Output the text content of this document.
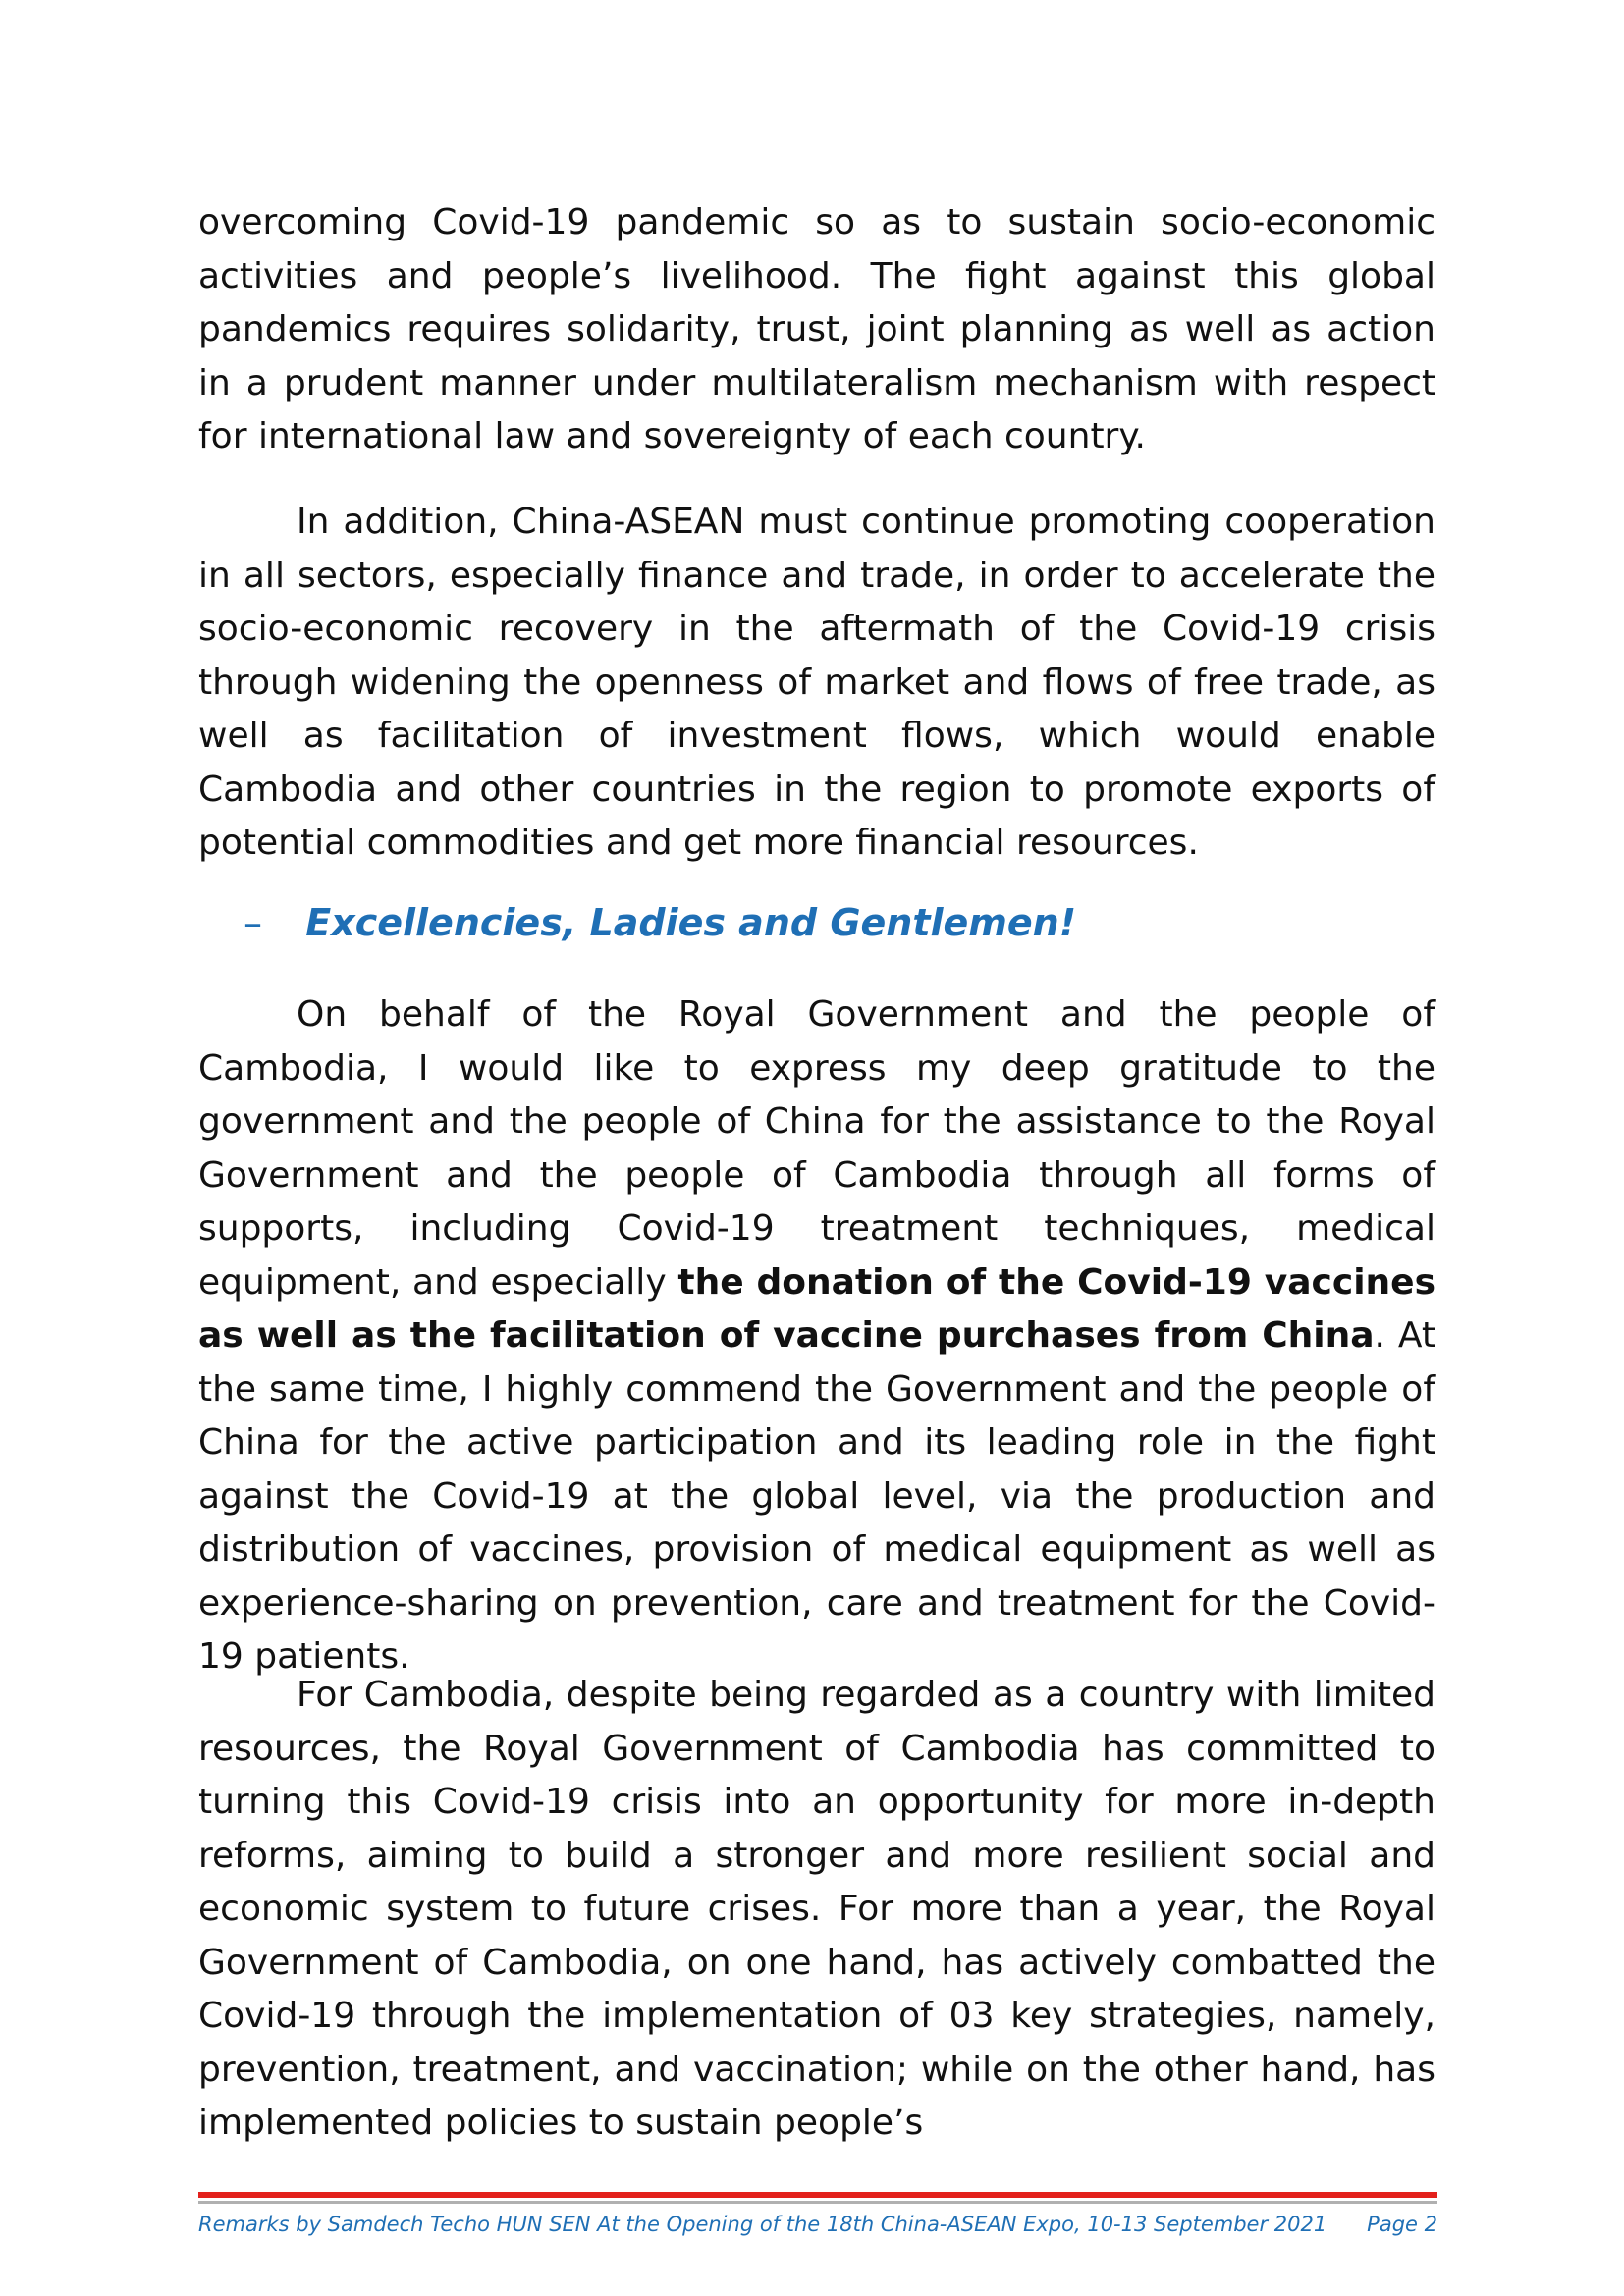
overcoming Covid-19 pandemic so as to sustain socio-economic activities and people’s livelihood. The fight against this global pandemics requires solidarity, trust, joint planning as well as action in a prudent manner under multilateralism mechanism with respect for international law and sovereignty of each country.

In addition, China-ASEAN must continue promoting cooperation in all sectors, especially finance and trade, in order to accelerate the socio-economic recovery in the aftermath of the Covid-19 crisis through widening the openness of market and flows of free trade, as well as facilitation of investment flows, which would enable Cambodia and other countries in the region to promote exports of potential commodities and get more financial resources.

– Excellencies, Ladies and Gentlemen!

On behalf of the Royal Government and the people of Cambodia, I would like to express my deep gratitude to the government and the people of China for the assistance to the Royal Government and the people of Cambodia through all forms of supports, including Covid-19 treatment techniques, medical equipment, and especially the donation of the Covid-19 vaccines as well as the facilitation of vaccine purchases from China. At the same time, I highly commend the Government and the people of China for the active participation and its leading role in the fight against the Covid-19 at the global level, via the production and distribution of vaccines, provision of medical equipment as well as experience-sharing on prevention, care and treatment for the Covid-19 patients.

For Cambodia, despite being regarded as a country with limited resources, the Royal Government of Cambodia has committed to turning this Covid-19 crisis into an opportunity for more in-depth reforms, aiming to build a stronger and more resilient social and economic system to future crises. For more than a year, the Royal Government of Cambodia, on one hand, has actively combatted the Covid-19 through the implementation of 03 key strategies, namely, prevention, treatment, and vaccination; while on the other hand, has implemented policies to sustain people’s

Remarks by Samdech Techo HUN SEN At the Opening of the 18th China-ASEAN Expo, 10-13 September 2021 Page 2
